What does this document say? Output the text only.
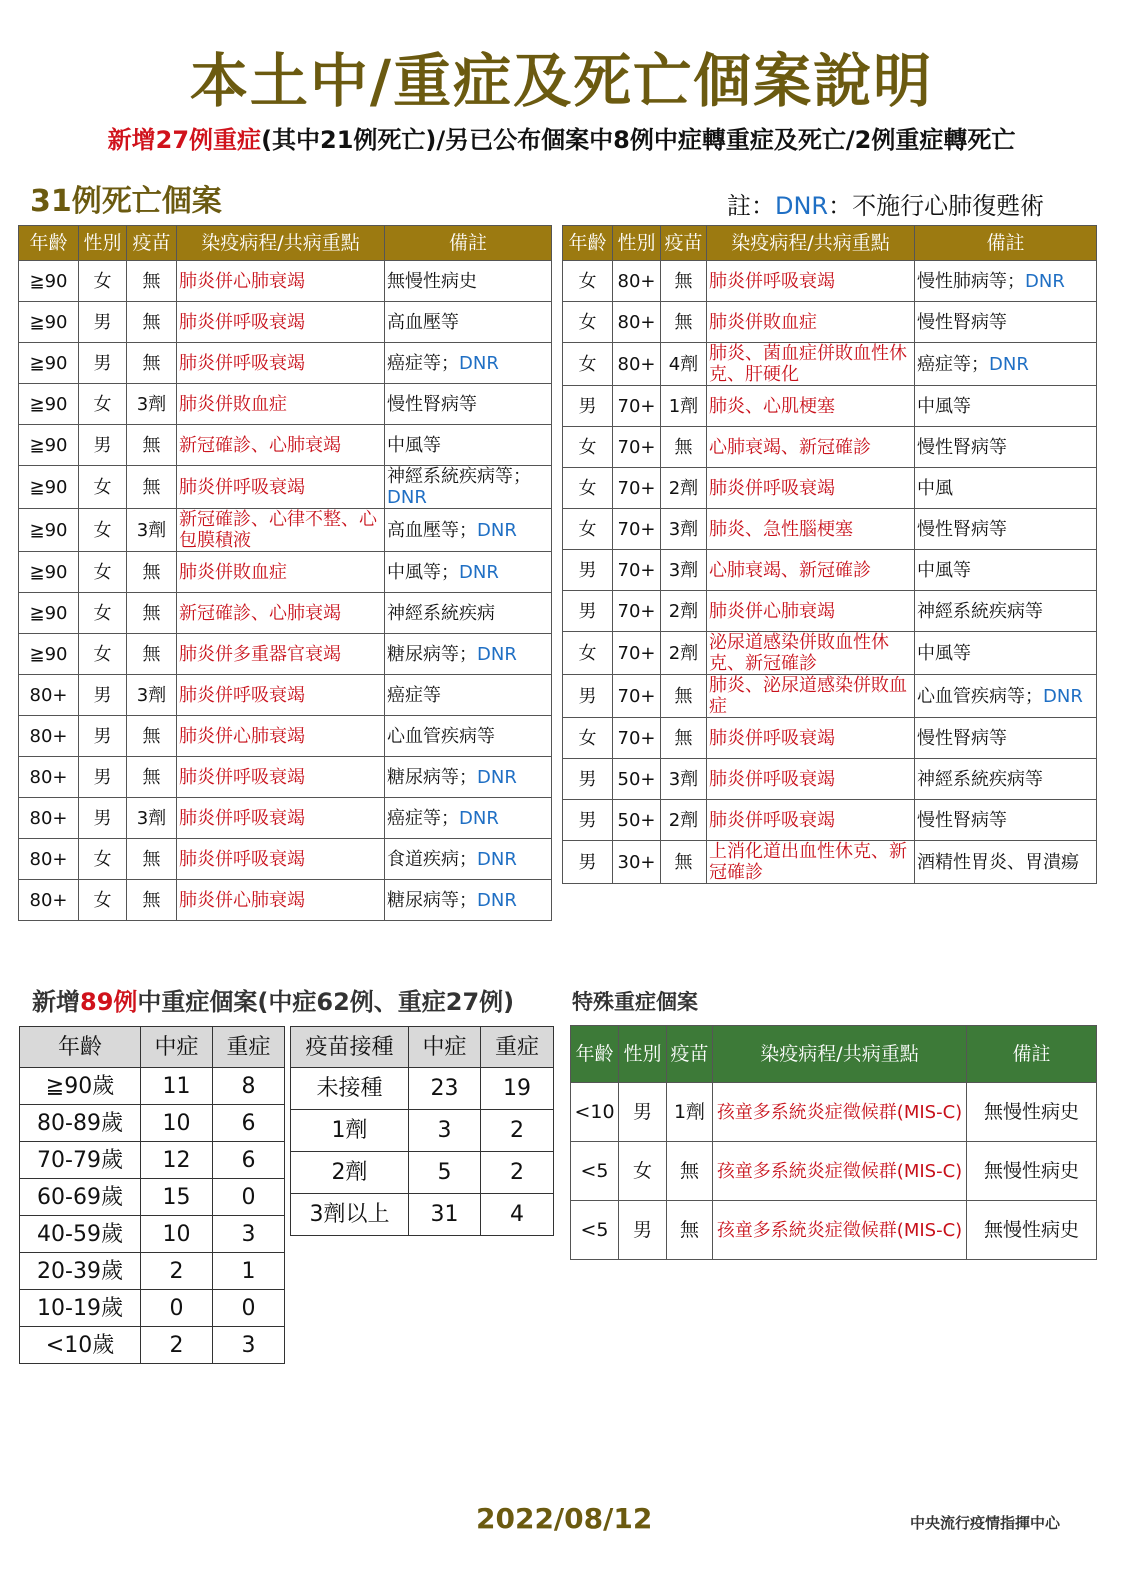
本土中/重症及死亡個案說明
新增27例重症(其中21例死亡)/另已公布個案中8例中症轉重症及死亡/2例重症轉死亡
31例死亡個案	註：DNR：不施行心肺復甦術
年齡	性別	疫苗	染疫病程/共病重點	備註
≧90	女	無	肺炎併心肺衰竭	無慢性病史
≧90	男	無	肺炎併呼吸衰竭	高血壓等
≧90	男	無	肺炎併呼吸衰竭	癌症等；DNR
≧90	女	3劑	肺炎併敗血症	慢性腎病等
≧90	男	無	新冠確診、心肺衰竭	中風等
≧90	女	無	肺炎併呼吸衰竭	神經系統疾病等；DNR
≧90	女	3劑	新冠確診、心律不整、心包膜積液	高血壓等；DNR
≧90	女	無	肺炎併敗血症	中風等；DNR
≧90	女	無	新冠確診、心肺衰竭	神經系統疾病
≧90	女	無	肺炎併多重器官衰竭	糖尿病等；DNR
80+	男	3劑	肺炎併呼吸衰竭	癌症等
80+	男	無	肺炎併心肺衰竭	心血管疾病等
80+	男	無	肺炎併呼吸衰竭	糖尿病等；DNR
80+	男	3劑	肺炎併呼吸衰竭	癌症等；DNR
80+	女	無	肺炎併呼吸衰竭	食道疾病；DNR
80+	女	無	肺炎併心肺衰竭	糖尿病等；DNR
年齡	性別	疫苗	染疫病程/共病重點	備註
女	80+	無	肺炎併呼吸衰竭	慢性肺病等；DNR
女	80+	無	肺炎併敗血症	慢性腎病等
女	80+	4劑	肺炎、菌血症併敗血性休克、肝硬化	癌症等；DNR
男	70+	1劑	肺炎、心肌梗塞	中風等
女	70+	無	心肺衰竭、新冠確診	慢性腎病等
女	70+	2劑	肺炎併呼吸衰竭	中風
女	70+	3劑	肺炎、急性腦梗塞	慢性腎病等
男	70+	3劑	心肺衰竭、新冠確診	中風等
男	70+	2劑	肺炎併心肺衰竭	神經系統疾病等
女	70+	2劑	泌尿道感染併敗血性休克、新冠確診	中風等
男	70+	無	肺炎、泌尿道感染併敗血症	心血管疾病等；DNR
女	70+	無	肺炎併呼吸衰竭	慢性腎病等
男	50+	3劑	肺炎併呼吸衰竭	神經系統疾病等
男	50+	2劑	肺炎併呼吸衰竭	慢性腎病等
男	30+	無	上消化道出血性休克、新冠確診	酒精性胃炎、胃潰瘍
新增89例中重症個案(中症62例、重症27例)	特殊重症個案
年齡	中症	重症
≧90歲	11	8
80-89歲	10	6
70-79歲	12	6
60-69歲	15	0
40-59歲	10	3
20-39歲	2	1
10-19歲	0	0
<10歲	2	3
疫苗接種	中症	重症
未接種	23	19
1劑	3	2
2劑	5	2
3劑以上	31	4
年齡	性別	疫苗	染疫病程/共病重點	備註
<10	男	1劑	孩童多系統炎症徵候群(MIS-C)	無慢性病史
<5	女	無	孩童多系統炎症徵候群(MIS-C)	無慢性病史
<5	男	無	孩童多系統炎症徵候群(MIS-C)	無慢性病史
2022/08/12	中央流行疫情指揮中心
